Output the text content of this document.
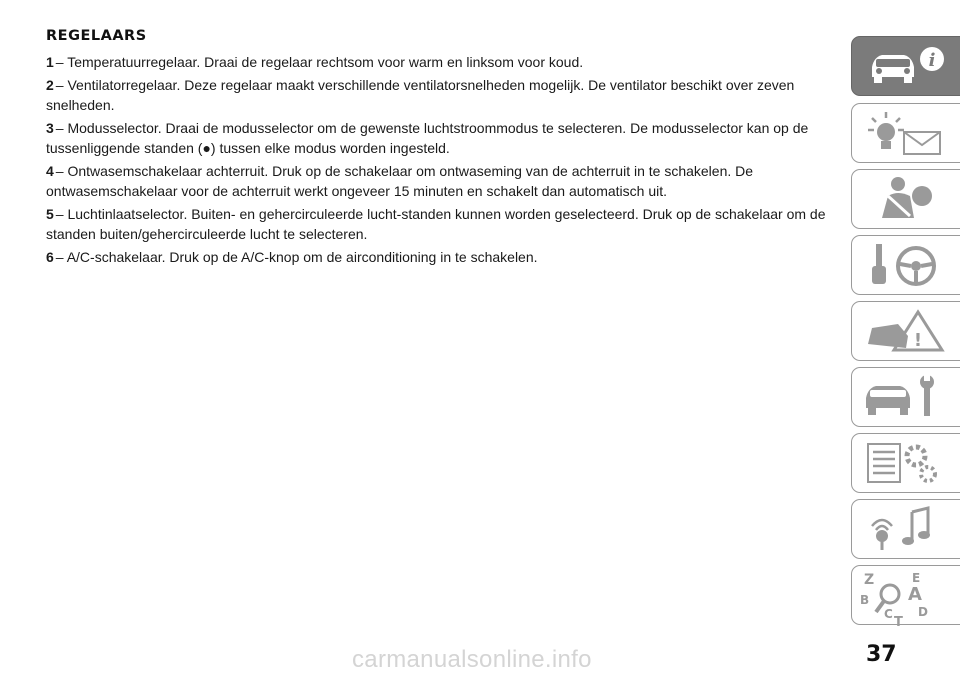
REGELAARS

1 – Temperatuurregelaar. Draai de regelaar rechtsom voor warm en linksom voor koud.

2 – Ventilatorregelaar. Deze regelaar maakt verschillende ventilatorsnelheden mogelijk. De ventilator beschikt over zeven snelheden.

3 – Modusselector. Draai de modusselector om de gewenste luchtstroommodus te selecteren. De modusselector kan op de tussenliggende standen (●) tussen elke modus worden ingesteld.

4 – Ontwasemschakelaar achterruit. Druk op de schakelaar om ontwaseming van de achterruit in te schakelen. De ontwasemschakelaar voor de achterruit werkt ongeveer 15 minuten en schakelt dan automatisch uit.

5 – Luchtinlaatselector. Buiten- en gehercirculeerde lucht-standen kunnen worden geselecteerd. Druk op de schakelaar om de standen buiten/gehercirculeerde lucht te selecteren.

6 – A/C-schakelaar. Druk op de A/C-knop om de airconditioning in te schakelen.

i
!
Z	E
B A
C D
T
37
carmanualsonline.info
